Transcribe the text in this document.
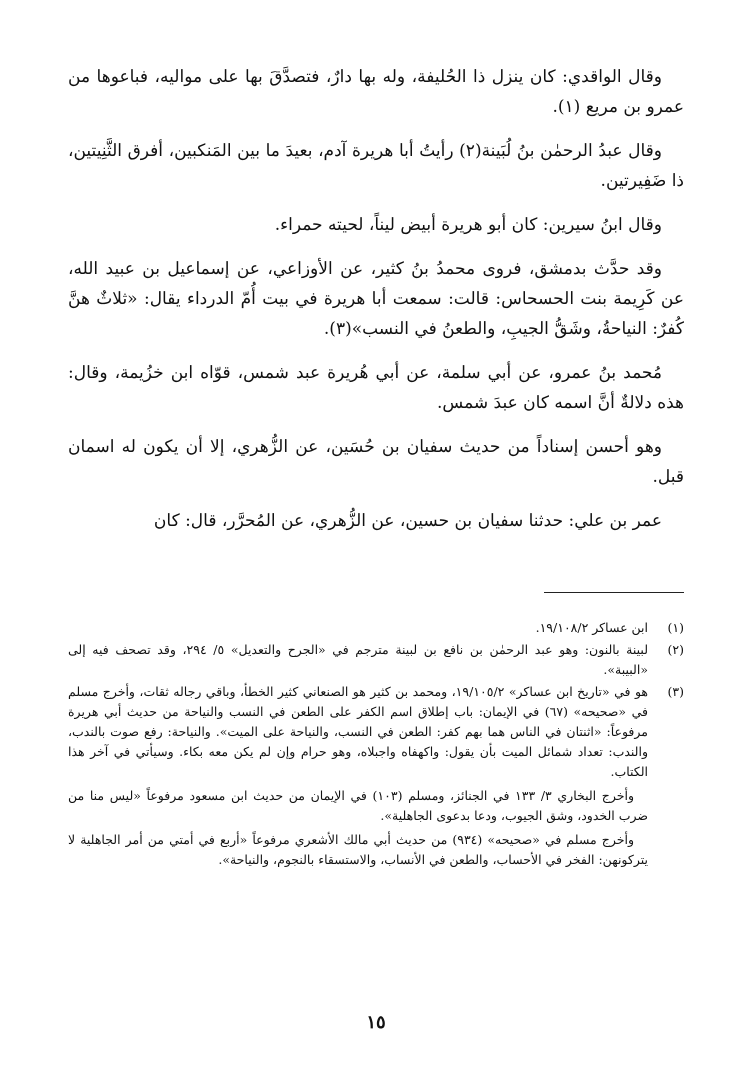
وقال الواقدي: كان ينزل ذا الحُليفة، وله بها دارٌ، فتصدَّقَ بها على مواليه، فباعوها من عمرو بن مريع (١).

وقال عبدُ الرحمٰن بنُ لُبَينة(٢) رأيتُ أبا هريرة آدم، بعيدَ ما بين المَنكبين، أفرق الثَّنِيتين، ذا ضَفِيرتين.

وقال ابنُ سيرين: كان أبو هريرة أبيض ليناً، لحيته حمراء.

وقد حدَّث بدمشق، فروى محمدُ بنُ كثير، عن الأوزاعي، عن إسماعيل بن عبيد الله، عن كَرِيمة بنت الحسحاس: قالت: سمعت أبا هريرة في بيت أُمّ الدرداء يقال: «ثلاثٌ هنَّ كُفرٌ: النياحةُ، وشَقُّ الجيبِ، والطعنُ في النسب»(٣).

مُحمد بنُ عمرو، عن أبي سلمة، عن أبي هُريرة عبد شمس، قوّاه ابن خزُيمة، وقال: هذه دلالةٌ أنَّ اسمه كان عبدَ شمس.

وهو أحسن إسناداً من حديث سفيان بن حُسَين، عن الزُّهري، إلا أن يكون له اسمان قبل.

عمر بن علي: حدثنا سفيان بن حسين، عن الزُّهري، عن المُحرَّر، قال: كان

(١)
ابن عساكر ١٩/١٠٨/٢.
(٢)
لبينة بالنون: وهو عبد الرحمٰن بن نافع بن لبينة مترجم في «الجرح والتعديل» ٥/ ٢٩٤، وقد تصحف فيه إلى «البيبة».
(٣)
هو في «تاريخ ابن عساكر» ١٩/١٠٥/٢، ومحمد بن كثير هو الصنعاني كثير الخطأ، وباقي رجاله ثقات، وأخرج مسلم في «صحيحه» (٦٧) في الإيمان: باب إطلاق اسم الكفر على الطعن في النسب والنياحة من حديث أبي هريرة مرفوعاً: «اثنتان في الناس هما بهم كفر: الطعن في النسب، والنياحة على الميت». والنياحة: رفع صوت بالندب، والندب: تعداد شمائل الميت بأن يقول: واكهفاه واجبلاه، وهو حرام وإن لم يكن معه بكاء. وسيأتي في آخر هذا الكتاب.

وأخرج البخاري ٣/ ١٣٣ في الجنائز، ومسلم (١٠٣) في الإيمان من حديث ابن مسعود مرفوعاً «ليس منا من ضرب الخدود، وشق الجيوب، ودعا بدعوى الجاهلية».

وأخرج مسلم في «صحيحه» (٩٣٤) من حديث أبي مالك الأشعري مرفوعاً «أربع في أمتي من أمر الجاهلية لا يتركونهن: الفخر في الأحساب، والطعن في الأنساب، والاستسقاء بالنجوم، والنياحة».

١٥
